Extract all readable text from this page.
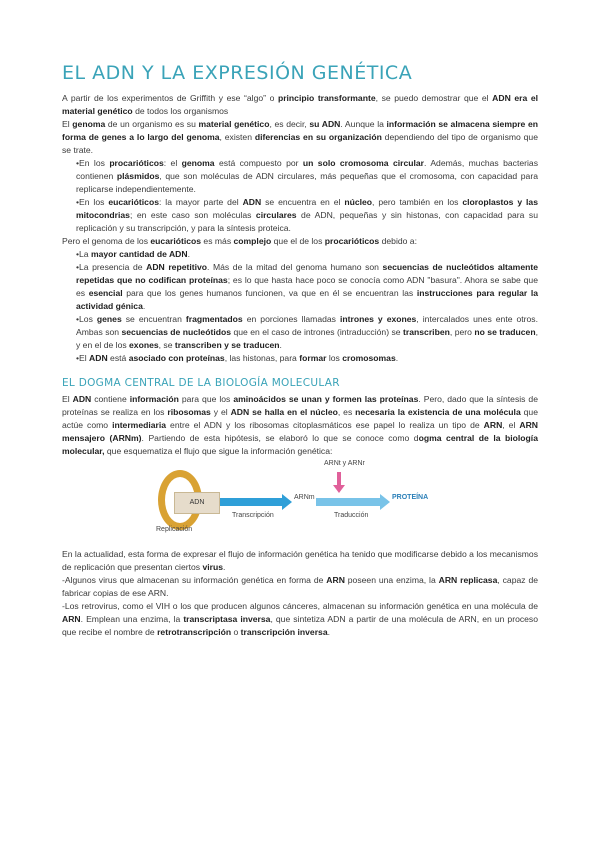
EL ADN Y LA EXPRESIÓN GENÉTICA

A partir de los experimentos de Griffith y ese “algo” o principio transformante, se puedo demostrar que el ADN era el material genético de todos los organismos

El genoma de un organismo es su material genético, es decir, su ADN. Aunque la información se almacena siempre en forma de genes a lo largo del genoma, existen diferencias en su organización dependiendo del tipo de organismo que se trate.

•En los procarióticos: el genoma está compuesto por un solo cromosoma circular. Además, muchas bacterias contienen plásmidos, que son moléculas de ADN circulares, más pequeñas que el cromosoma, con capacidad para replicarse independientemente.

•En los eucarióticos: la mayor parte del ADN se encuentra en el núcleo, pero también en los cloroplastos y las mitocondrias; en este caso son moléculas circulares de ADN, pequeñas y sin histonas, con capacidad para su replicación y su transcripción, y para la síntesis proteica.

Pero el genoma de los eucarióticos es más complejo que el de los procarióticos debido a:

•La mayor cantidad de ADN.

•La presencia de ADN repetitivo. Más de la mitad del genoma humano son secuencias de nucleótidos altamente repetidas que no codifican proteínas; es lo que hasta hace poco se conocía como ADN "basura". Ahora se sabe que es esencial para que los genes humanos funcionen, va que en él se encuentran las instrucciones para regular la actividad génica.

•Los genes se encuentran fragmentados en porciones llamadas intrones y exones, intercalados unes ente otros. Ambas son secuencias de nucleótidos que en el caso de intrones (intraducción) se transcriben, pero no se traducen, y en el de los exones, se transcriben y se traducen.

•El ADN está asociado con proteínas, las histonas, para formar los cromosomas.

EL DOGMA CENTRAL DE LA BIOLOGÍA MOLECULAR

El ADN contiene información para que los aminoácidos se unan y formen las proteínas. Pero, dado que la síntesis de proteínas se realiza en los ribosomas y el ADN se halla en el núcleo, es necesaria la existencia de una molécula que actúe como intermediaria entre el ADN y los ribosomas citoplasmáticos ese papel lo realiza un tipo de ARN, el ARN mensajero (ARNm). Partiendo de esta hipótesis, se elaboró lo que se conoce como dogma central de la biología molecular, que esquematiza el flujo que sigue la información genética:

ADN
Replicación
Transcripción
ARNm
Traducción
PROTEÍNA
ARNt y ARNr

En la actualidad, esta forma de expresar el flujo de información genética ha tenido que modificarse debido a los mecanismos de replicación que presentan ciertos virus.

-Algunos virus que almacenan su información genética en forma de ARN poseen una enzima, la ARN replicasa, capaz de fabricar copias de ese ARN.

-Los retrovirus, como el VIH o los que producen algunos cánceres, almacenan su información genética en una molécula de ARN. Emplean una enzima, la transcriptasa inversa, que sintetiza ADN a partir de una molécula de ARN, en un proceso que recibe el nombre de retrotranscripción o transcripción inversa.
